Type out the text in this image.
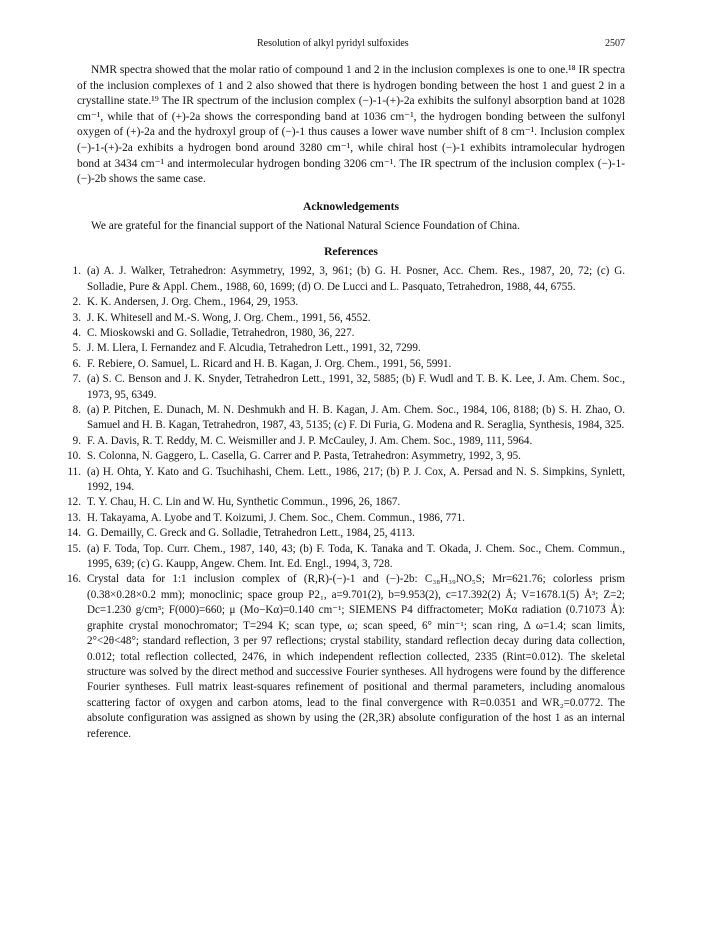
Resolution of alkyl pyridyl sulfoxides	2507

NMR spectra showed that the molar ratio of compound 1 and 2 in the inclusion complexes is one to one.¹⁸ IR spectra of the inclusion complexes of 1 and 2 also showed that there is hydrogen bonding between the host 1 and guest 2 in a crystalline state.¹⁹ The IR spectrum of the inclusion complex (−)-1-(+)-2a exhibits the sulfonyl absorption band at 1028 cm⁻¹, while that of (+)-2a shows the corresponding band at 1036 cm⁻¹, the hydrogen bonding between the sulfonyl oxygen of (+)-2a and the hydroxyl group of (−)-1 thus causes a lower wave number shift of 8 cm⁻¹. Inclusion complex (−)-1-(+)-2a exhibits a hydrogen bond around 3280 cm⁻¹, while chiral host (−)-1 exhibits intramolecular hydrogen bond at 3434 cm⁻¹ and intermolecular hydrogen bonding 3206 cm⁻¹. The IR spectrum of the inclusion complex (−)-1-(−)-2b shows the same case.

Acknowledgements
We are grateful for the financial support of the National Natural Science Foundation of China.
References
1. (a) A. J. Walker, Tetrahedron: Asymmetry, 1992, 3, 961; (b) G. H. Posner, Acc. Chem. Res., 1987, 20, 72; (c) G. Solladie, Pure & Appl. Chem., 1988, 60, 1699; (d) O. De Lucci and L. Pasquato, Tetrahedron, 1988, 44, 6755.
2. K. K. Andersen, J. Org. Chem., 1964, 29, 1953.
3. J. K. Whitesell and M.-S. Wong, J. Org. Chem., 1991, 56, 4552.
4. C. Mioskowski and G. Solladie, Tetrahedron, 1980, 36, 227.
5. J. M. Llera, I. Fernandez and F. Alcudia, Tetrahedron Lett., 1991, 32, 7299.
6. F. Rebiere, O. Samuel, L. Ricard and H. B. Kagan, J. Org. Chem., 1991, 56, 5991.
7. (a) S. C. Benson and J. K. Snyder, Tetrahedron Lett., 1991, 32, 5885; (b) F. Wudl and T. B. K. Lee, J. Am. Chem. Soc., 1973, 95, 6349.
8. (a) P. Pitchen, E. Dunach, M. N. Deshmukh and H. B. Kagan, J. Am. Chem. Soc., 1984, 106, 8188; (b) S. H. Zhao, O. Samuel and H. B. Kagan, Tetrahedron, 1987, 43, 5135; (c) F. Di Furia, G. Modena and R. Seraglia, Synthesis, 1984, 325.
9. F. A. Davis, R. T. Reddy, M. C. Weismiller and J. P. McCauley, J. Am. Chem. Soc., 1989, 111, 5964.
10. S. Colonna, N. Gaggero, L. Casella, G. Carrer and P. Pasta, Tetrahedron: Asymmetry, 1992, 3, 95.
11. (a) H. Ohta, Y. Kato and G. Tsuchihashi, Chem. Lett., 1986, 217; (b) P. J. Cox, A. Persad and N. S. Simpkins, Synlett, 1992, 194.
12. T. Y. Chau, H. C. Lin and W. Hu, Synthetic Commun., 1996, 26, 1867.
13. H. Takayama, A. Lyobe and T. Koizumi, J. Chem. Soc., Chem. Commun., 1986, 771.
14. G. Demailly, C. Greck and G. Solladie, Tetrahedron Lett., 1984, 25, 4113.
15. (a) F. Toda, Top. Curr. Chem., 1987, 140, 43; (b) F. Toda, K. Tanaka and T. Okada, J. Chem. Soc., Chem. Commun., 1995, 639; (c) G. Kaupp, Angew. Chem. Int. Ed. Engl., 1994, 3, 728.
16. Crystal data for 1:1 inclusion complex of (R,R)-(−)-1 and (−)-2b: C₃₈H₃₉NO₅S; Mr=621.76; colorless prism (0.38×0.28×0.2 mm); monoclinic; space group P2₁, a=9.701(2), b=9.953(2), c=17.392(2) Å; V=1678.1(5) Å³; Z=2; Dc=1.230 g/cm³; F(000)=660; μ (Mo−Kα)=0.140 cm⁻¹; SIEMENS P4 diffractometer; MoKα radiation (0.71073 Å): graphite crystal monochromator; T=294 K; scan type, ω; scan speed, 6° min⁻¹; scan ring, Δ ω=1.4; scan limits, 2°<2θ<48°; standard reflection, 3 per 97 reflections; crystal stability, standard reflection decay during data collection, 0.012; total reflection collected, 2476, in which independent reflection collected, 2335 (Rint=0.012). The skeletal structure was solved by the direct method and successive Fourier syntheses. All hydrogens were found by the difference Fourier syntheses. Full matrix least-squares refinement of positional and thermal parameters, including anomalous scattering factor of oxygen and carbon atoms, lead to the final convergence with R=0.0351 and WR₂=0.0772. The absolute configuration was assigned as shown by using the (2R,3R) absolute configuration of the host 1 as an internal reference.
